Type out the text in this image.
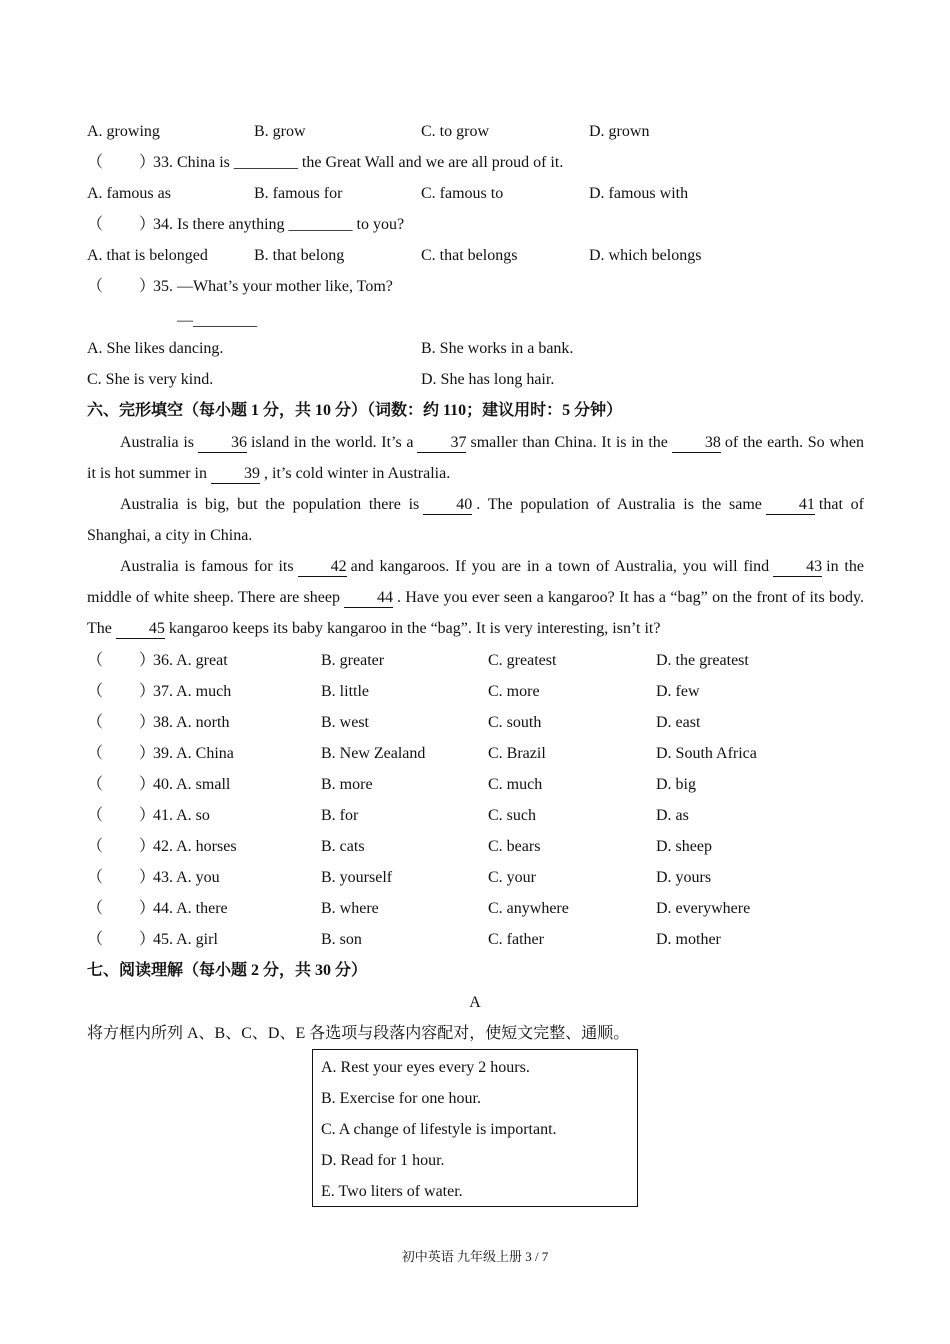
A. growing	B. grow	C. to grow	D. grown
（ ）33. China is ________ the Great Wall and we are all proud of it.
A. famous as	B. famous for	C. famous to	D. famous with
（ ）34. Is there anything ________ to you?
A. that is belonged	B. that belong	C. that belongs	D. which belongs
（ ）35. —What’s your mother like, Tom?
—________
A. She likes dancing.	B. She works in a bank.
C. She is very kind.	D. She has long hair.
六、完形填空（每小题 1 分，共 10 分）（词数：约 110；建议用时：5 分钟）

Australia is 36 island in the world. It’s a 37 smaller than China. It is in the 38 of the earth. So when it is hot summer in 39 , it’s cold winter in Australia.

Australia is big, but the population there is 40 . The population of Australia is the same 41 that of Shanghai, a city in China.

Australia is famous for its 42 and kangaroos. If you are in a town of Australia, you will find 43 in the middle of white sheep. There are sheep 44 . Have you ever seen a kangaroo? It has a “bag” on the front of its body. The 45 kangaroo keeps its baby kangaroo in the “bag”. It is very interesting, isn’t it?

（ ）36. A. great	B. greater	C. greatest	D. the greatest
（ ）37. A. much	B. little	C. more	D. few
（ ）38. A. north	B. west	C. south	D. east
（ ）39. A. China	B. New Zealand	C. Brazil	D. South Africa
（ ）40. A. small	B. more	C. much	D. big
（ ）41. A. so	B. for	C. such	D. as
（ ）42. A. horses	B. cats	C. bears	D. sheep
（ ）43. A. you	B. yourself	C. your	D. yours
（ ）44. A. there	B. where	C. anywhere	D. everywhere
（ ）45. A. girl	B. son	C. father	D. mother
七、阅读理解（每小题 2 分，共 30 分）
A
将方框内所列 A、B、C、D、E 各选项与段落内容配对，使短文完整、通顺。
A. Rest your eyes every 2 hours.
B. Exercise for one hour.
C. A change of lifestyle is important.
D. Read for 1 hour.
E. Two liters of water.
初中英语 九年级上册 3 / 7
